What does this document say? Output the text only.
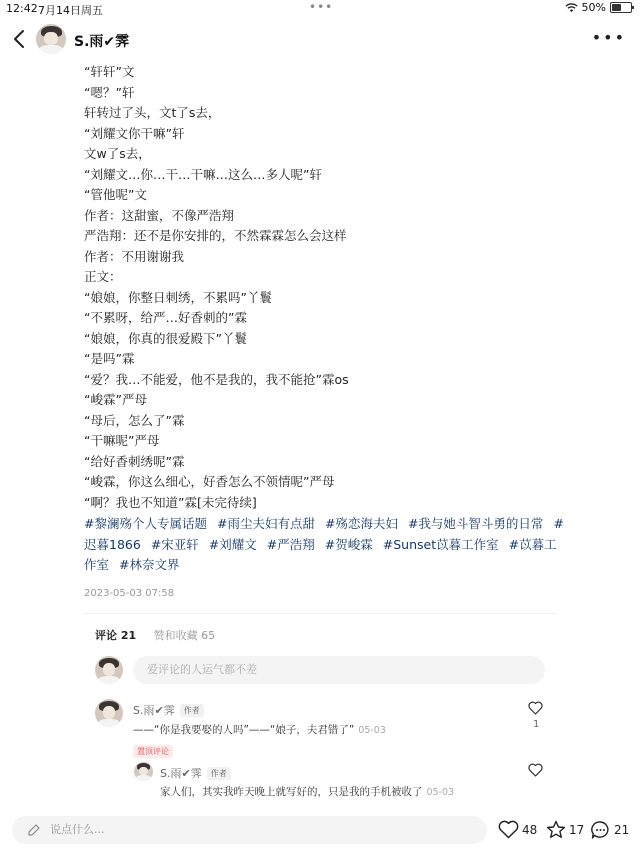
12:42 7月14日周五	•••	50%
S.雨✔霁	•••
“轩轩”文
“嗯？”轩
轩转过了头，文t了s去，
“刘耀文你干嘛”轩
文w了s去，
“刘耀文…你…干…干嘛…这么…多人呢”轩
“管他呢”文
作者：这甜蜜，不像严浩翔
严浩翔：还不是你安排的，不然霖霖怎么会这样
作者：不用谢谢我
正文：
“娘娘，你整日刺绣，不累吗”丫鬟
“不累呀，给严…好香刺的”霖
“娘娘，你真的很爱殿下”丫鬟
“是吗”霖
“爱？我…不能爱，他不是我的，我不能抢”霖os
“峻霖”严母
“母后，怎么了”霖
“干嘛呢”严母
“给好香刺绣呢”霖
“峻霖，你这么细心，好香怎么不领情呢”严母
“啊？我也不知道”霖[未完待续]
#黎澜殇个人专属话题 #雨尘夫妇有点甜 #殇恋海夫妇 #我与她斗智斗勇的日常 #迟暮1866 #宋亚轩 #刘耀文 #严浩翔 #贺峻霖 #Sunset苡暮工作室 #苡暮工作室 #林奈文界
2023-05-03 07:58
评论 21 赞和收藏 65
爱评论的人运气都不差
S.雨✔霁 作者
——“你是我要娶的人吗”——“娘子，夫君错了” 05-03
1
置顶评论
S.雨✔霁 作者
家人们，其实我昨天晚上就写好的，只是我的手机被收了 05-03
说点什么...	48	17 21
